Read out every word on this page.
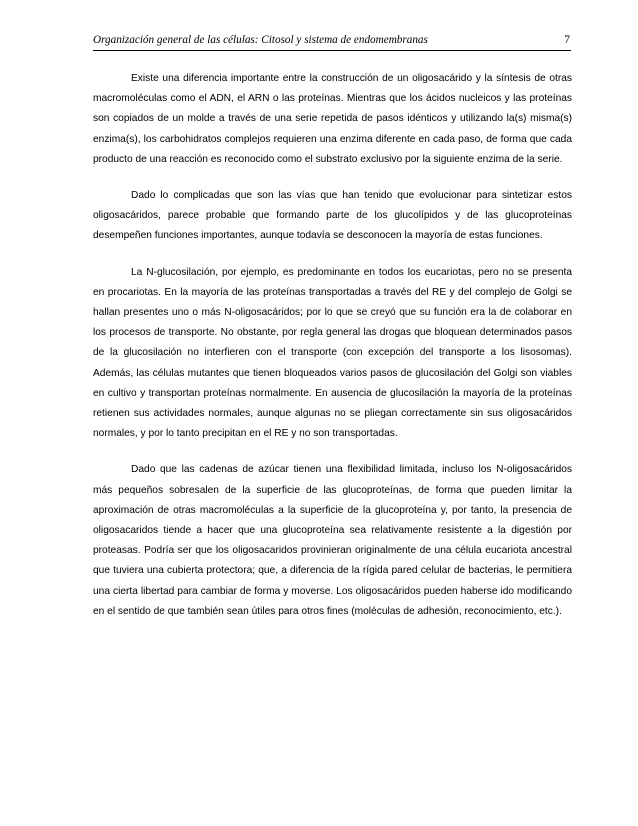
Organización general de las células: Citosol y sistema de endomembranas	7

Existe una diferencia importante entre la construcción de un oligosacárido y la síntesis de otras macromoléculas como el ADN, el ARN o las proteínas. Mientras que los ácidos nucleicos y las proteínas son copiados de un molde a través de una serie repetida de pasos idénticos y utilizando la(s) misma(s) enzima(s), los carbohidratos complejos requieren una enzima diferente en cada paso, de forma que cada producto de una reacción es reconocido como el substrato exclusivo por la siguiente enzima de la serie.

Dado lo complicadas que son las vías que han tenido que evolucionar para sintetizar estos oligosacáridos, parece probable que formando parte de los glucolípidos y de las glucoproteínas desempeñen funciones importantes, aunque todavía se desconocen la mayoría de estas funciones.

La N-glucosilación, por ejemplo, es predominante en todos los eucariotas, pero no se presenta en procariotas. En la mayoría de las proteínas transportadas a través del RE y del complejo de Golgi se hallan presentes uno o más N-oligosacáridos; por lo que se creyó que su función era la de colaborar en los procesos de transporte. No obstante, por regla general las drogas que bloquean determinados pasos de la glucosilación no interfieren con el transporte (con excepción del transporte a los lisosomas). Además, las células mutantes que tienen bloqueados varios pasos de glucosilación del Golgi son viables en cultivo y transportan proteínas normalmente. En ausencia de glucosilación la mayoría de la proteínas retienen sus actividades normales, aunque algunas no se pliegan correctamente sin sus oligosacáridos normales, y por lo tanto precipitan en el RE y no son transportadas.

Dado que las cadenas de azúcar tienen una flexibilidad limitada, incluso los N-oligosacáridos más pequeños sobresalen de la superficie de las glucoproteínas, de forma que pueden limitar la aproximación de otras macromoléculas a la superficie de la glucoproteína y, por tanto, la presencia de oligosacaridos tiende a hacer que una glucoproteína sea relativamente resistente a la digestión por proteasas. Podría ser que los oligosacaridos provinieran originalmente de una célula eucariota ancestral que tuviera una cubierta protectora; que, a diferencia de la rígida pared celular de bacterias, le permitiera una cierta libertad para cambiar de forma y moverse. Los oligosacáridos pueden haberse ido modificando en el sentido de que también sean útiles para otros fines (moléculas de adhesión, reconocimiento, etc.).
